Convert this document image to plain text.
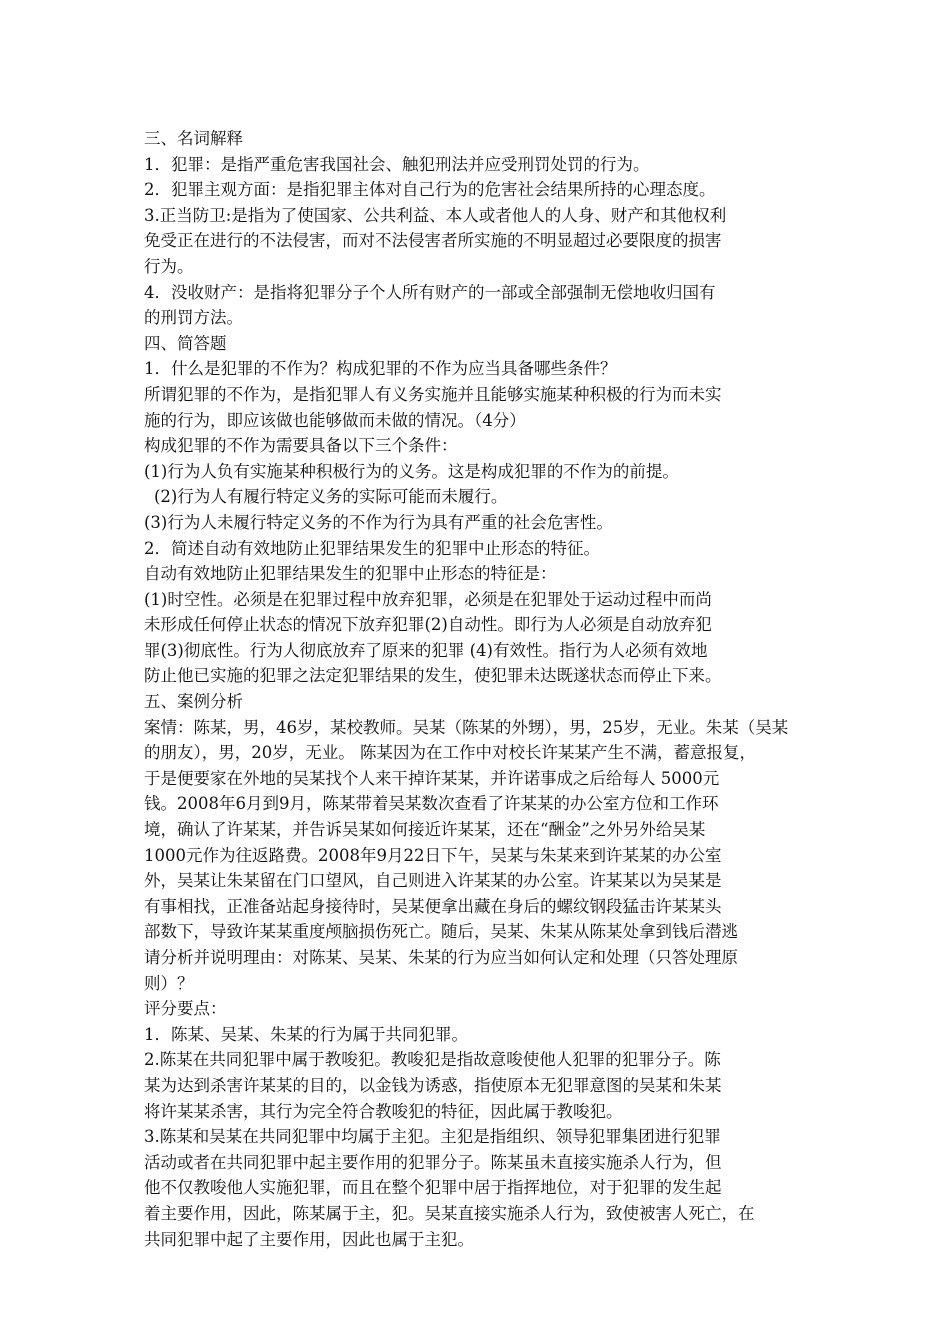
三、名词解释
1．犯罪：是指严重危害我国社会、触犯刑法并应受刑罚处罚的行为。
2．犯罪主观方面：是指犯罪主体对自己行为的危害社会结果所持的心理态度。
3.正当防卫:是指为了使国家、公共利益、本人或者他人的人身、财产和其他权利
免受正在进行的不法侵害，而对不法侵害者所实施的不明显超过必要限度的损害
行为。
4．没收财产：是指将犯罪分子个人所有财产的一部或全部强制无偿地收归国有
的刑罚方法。
四、简答题
1．什么是犯罪的不作为？构成犯罪的不作为应当具备哪些条件？
所谓犯罪的不作为，是指犯罪人有义务实施并且能够实施某种积极的行为而未实
施的行为，即应该做也能够做而未做的情况。（4分）
构成犯罪的不作为需要具备以下三个条件：
(1)行为人负有实施某种积极行为的义务。这是构成犯罪的不作为的前提。
(2)行为人有履行特定义务的实际可能而未履行。
(3)行为人未履行特定义务的不作为行为具有严重的社会危害性。
2．简述自动有效地防止犯罪结果发生的犯罪中止形态的特征。
自动有效地防止犯罪结果发生的犯罪中止形态的特征是：
(1)时空性。必须是在犯罪过程中放弃犯罪，必须是在犯罪处于运动过程中而尚
未形成任何停止状态的情况下放弃犯罪(2)自动性。即行为人必须是自动放弃犯
罪(3)彻底性。行为人彻底放弃了原来的犯罪 (4)有效性。指行为人必须有效地
防止他已实施的犯罪之法定犯罪结果的发生，使犯罪未达既遂状态而停止下来。
五、案例分析
案情：陈某，男，46岁，某校教师。吴某（陈某的外甥），男，25岁，无业。朱某（吴某
的朋友），男，20岁，无业。 陈某因为在工作中对校长许某某产生不满，蓄意报复，
于是便要家在外地的吴某找个人来干掉许某某，并许诺事成之后给每人 5000元
钱。2008年6月到9月，陈某带着吴某数次查看了许某某的办公室方位和工作环
境，确认了许某某，并告诉吴某如何接近许某某，还在“酬金”之外另外给吴某
1000元作为往返路费。2008年9月22日下午，吴某与朱某来到许某某的办公室
外，吴某让朱某留在门口望风，自己则进入许某某的办公室。许某某以为吴某是
有事相找，正准备站起身接待时，吴某便拿出藏在身后的螺纹钢段猛击许某某头
部数下，导致许某某重度颅脑损伤死亡。随后，吴某、朱某从陈某处拿到钱后潜逃
请分析并说明理由：对陈某、吴某、朱某的行为应当如何认定和处理（只答处理原
则）？
评分要点：
1．陈某、吴某、朱某的行为属于共同犯罪。
2.陈某在共同犯罪中属于教唆犯。教唆犯是指故意唆使他人犯罪的犯罪分子。陈
某为达到杀害许某某的目的，以金钱为诱惑，指使原本无犯罪意图的吴某和朱某
将许某某杀害，其行为完全符合教唆犯的特征，因此属于教唆犯。
3.陈某和吴某在共同犯罪中均属于主犯。主犯是指组织、领导犯罪集团进行犯罪
活动或者在共同犯罪中起主要作用的犯罪分子。陈某虽未直接实施杀人行为，但
他不仅教唆他人实施犯罪，而且在整个犯罪中居于指挥地位，对于犯罪的发生起
着主要作用，因此，陈某属于主，犯。吴某直接实施杀人行为，致使被害人死亡，在
共同犯罪中起了主要作用，因此也属于主犯。
